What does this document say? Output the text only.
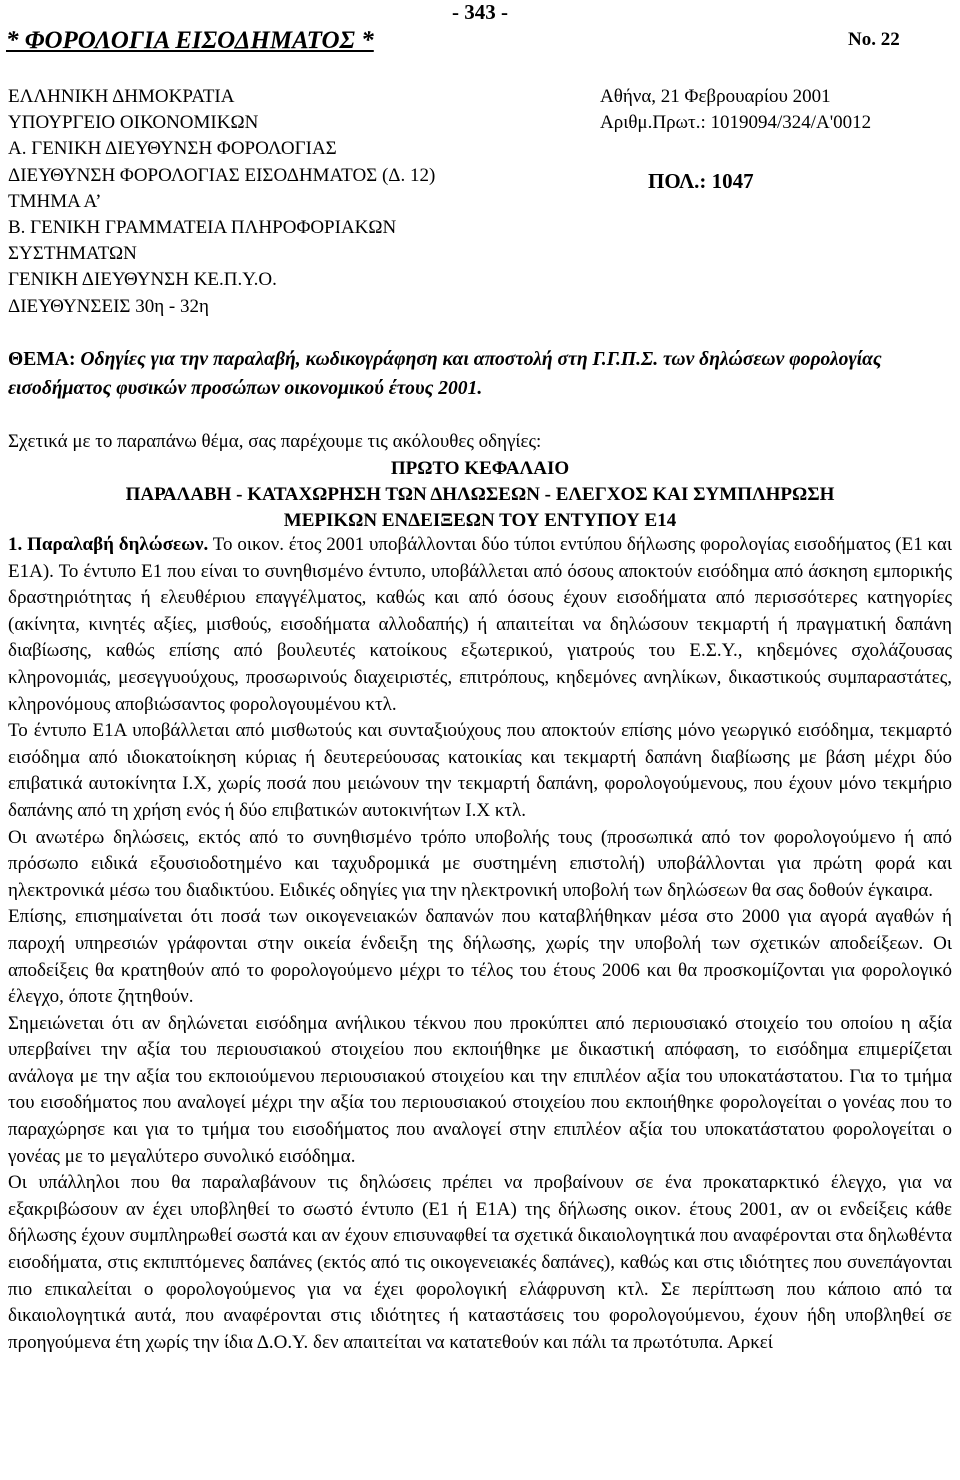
- 343 -
* ΦΟΡΟΛΟΓΙΑ ΕΙΣΟΔΗΜΑΤΟΣ *	No. 22
ΕΛΛΗΝΙΚΗ ΔΗΜΟΚΡΑΤΙΑ
ΥΠΟΥΡΓΕΙΟ ΟΙΚΟΝΟΜΙΚΩΝ
Α. ΓΕΝΙΚΗ ΔΙΕΥΘΥΝΣΗ ΦΟΡΟΛΟΓΙΑΣ
ΔΙΕΥΘΥΝΣΗ ΦΟΡΟΛΟΓΙΑΣ ΕΙΣΟΔΗΜΑΤΟΣ (Δ. 12)
ΤΜΗΜΑ Α’
Β. ΓΕΝΙΚΗ ΓΡΑΜΜΑΤΕΙΑ ΠΛΗΡΟΦΟΡΙΑΚΩΝ
ΣΥΣΤΗΜΑΤΩΝ
ΓΕΝΙΚΗ ΔΙΕΥΘΥΝΣΗ ΚΕ.Π.Υ.Ο.
ΔΙΕΥΘΥΝΣΕΙΣ 30η - 32η
Αθήνα, 21 Φεβρουαρίου 2001
Αριθμ.Πρωτ.: 1019094/324/Α'0012
ΠΟΛ.: 1047
ΘΕΜΑ: Οδηγίες για την παραλαβή, κωδικογράφηση και αποστολή στη Γ.Γ.Π.Σ. των δηλώσεων φορολογίας εισοδήματος φυσικών προσώπων οικονομικού έτους 2001.
Σχετικά με το παραπάνω θέμα, σας παρέχουμε τις ακόλουθες οδηγίες:
ΠΡΩΤΟ ΚΕΦΑΛΑΙΟ
ΠΑΡΑΛΑΒΗ - ΚΑΤΑΧΩΡΗΣΗ ΤΩΝ ΔΗΛΩΣΕΩΝ - ΕΛΕΓΧΟΣ ΚΑΙ ΣΥΜΠΛΗΡΩΣΗ
ΜΕΡΙΚΩΝ ΕΝΔΕΙΞΕΩΝ ΤΟΥ ΕΝΤΥΠΟΥ Ε14

1. Παραλαβή δηλώσεων. Το οικον. έτος 2001 υποβάλλονται δύο τύποι εντύπου δήλωσης φορολογίας εισοδήματος (Ε1 και Ε1Α). Το έντυπο Ε1 που είναι το συνηθισμένο έντυπο, υποβάλλεται από όσους αποκτούν εισόδημα από άσκηση εμπορικής δραστηριότητας ή ελευθέριου επαγγέλματος, καθώς και από όσους έχουν εισοδήματα από περισσότερες κατηγορίες (ακίνητα, κινητές αξίες, μισθούς, εισοδήματα αλλοδαπής) ή απαιτείται να δηλώσουν τεκμαρτή ή πραγματική δαπάνη διαβίωσης, καθώς επίσης από βουλευτές κατοίκους εξωτερικού, γιατρούς του Ε.Σ.Υ., κηδεμόνες σχολάζουσας κληρονομιάς, μεσεγγυούχους, προσωρινούς διαχειριστές, επιτρόπους, κηδεμόνες ανηλίκων, δικαστικούς συμπαραστάτες, κληρονόμους αποβιώσαντος φορολογουμένου κτλ.

Το έντυπο Ε1Α υποβάλλεται από μισθωτούς και συνταξιούχους που αποκτούν επίσης μόνο γεωργικό εισόδημα, τεκμαρτό εισόδημα από ιδιοκατοίκηση κύριας ή δευτερεύουσας κατοικίας και τεκμαρτή δαπάνη διαβίωσης με βάση μέχρι δύο επιβατικά αυτοκίνητα Ι.Χ, χωρίς ποσά που μειώνουν την τεκμαρτή δαπάνη, φορολογούμενους, που έχουν μόνο τεκμήριο δαπάνης από τη χρήση ενός ή δύο επιβατικών αυτοκινήτων Ι.Χ κτλ.

Οι ανωτέρω δηλώσεις, εκτός από το συνηθισμένο τρόπο υποβολής τους (προσωπικά από τον φορολογούμενο ή από πρόσωπο ειδικά εξουσιοδοτημένο και ταχυδρομικά με συστημένη επιστολή) υποβάλλονται για πρώτη φορά και ηλεκτρονικά μέσω του διαδικτύου. Ειδικές οδηγίες για την ηλεκτρονική υποβολή των δηλώσεων θα σας δοθούν έγκαιρα.

Επίσης, επισημαίνεται ότι ποσά των οικογενειακών δαπανών που καταβλήθηκαν μέσα στο 2000 για αγορά αγαθών ή παροχή υπηρεσιών γράφονται στην οικεία ένδειξη της δήλωσης, χωρίς την υποβολή των σχετικών αποδείξεων. Οι αποδείξεις θα κρατηθούν από το φορολογούμενο μέχρι το τέλος του έτους 2006 και θα προσκομίζονται για φορολογικό έλεγχο, όποτε ζητηθούν.

Σημειώνεται ότι αν δηλώνεται εισόδημα ανήλικου τέκνου που προκύπτει από περιουσιακό στοιχείο του οποίου η αξία υπερβαίνει την αξία του περιουσιακού στοιχείου που εκποιήθηκε με δικαστική απόφαση, το εισόδημα επιμερίζεται ανάλογα με την αξία του εκποιούμενου περιουσιακού στοιχείου και την επιπλέον αξία του υποκατάστατου. Για το τμήμα του εισοδήματος που αναλογεί μέχρι την αξία του περιουσιακού στοιχείου που εκποιήθηκε φορολογείται ο γονέας που το παραχώρησε και για το τμήμα του εισοδήματος που αναλογεί στην επιπλέον αξία του υποκατάστατου φορολογείται ο γονέας με το μεγαλύτερο συνολικό εισόδημα.

Οι υπάλληλοι που θα παραλαβάνουν τις δηλώσεις πρέπει να προβαίνουν σε ένα προκαταρκτικό έλεγχο, για να εξακριβώσουν αν έχει υποβληθεί το σωστό έντυπο (Ε1 ή Ε1Α) της δήλωσης οικον. έτους 2001, αν οι ενδείξεις κάθε δήλωσης έχουν συμπληρωθεί σωστά και αν έχουν επισυναφθεί τα σχετικά δικαιολογητικά που αναφέρονται στα δηλωθέντα εισοδήματα, στις εκπιπτόμενες δαπάνες (εκτός από τις οικογενειακές δαπάνες), καθώς και στις ιδιότητες που συνεπάγονται πιο επικαλείται ο φορολογούμενος για να έχει φορολογική ελάφρυνση κτλ. Σε περίπτωση που κάποιο από τα δικαιολογητικά αυτά, που αναφέρονται στις ιδιότητες ή καταστάσεις του φορολογούμενου, έχουν ήδη υποβληθεί σε προηγούμενα έτη χωρίς την ίδια Δ.Ο.Υ. δεν απαιτείται να κατατεθούν και πάλι τα πρωτότυπα. Αρκεί
